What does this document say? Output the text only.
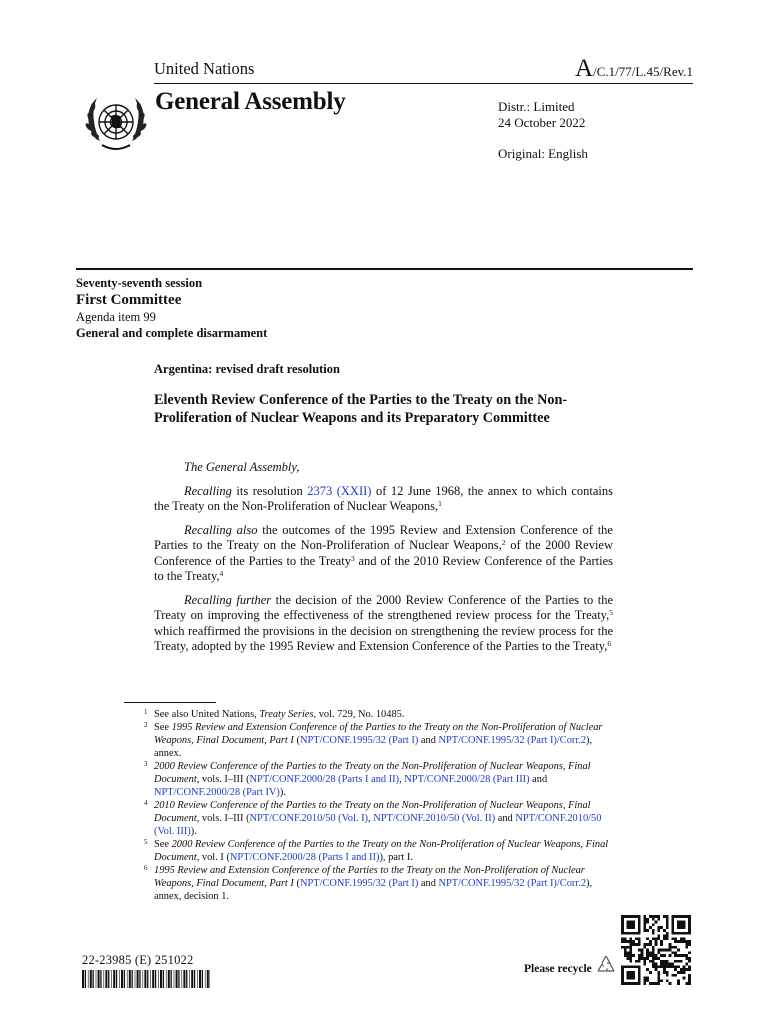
United Nations	A/C.1/77/L.45/Rev.1
General Assembly	Distr.: Limited
24 October 2022
Original: English
Seventy-seventh session
First Committee
Agenda item 99
General and complete disarmament
Argentina: revised draft resolution
Eleventh Review Conference of the Parties to the Treaty on the Non-Proliferation of Nuclear Weapons and its Preparatory Committee

The General Assembly,

Recalling its resolution 2373 (XXII) of 12 June 1968, the annex to which contains the Treaty on the Non-Proliferation of Nuclear Weapons,$^1$

Recalling also the outcomes of the 1995 Review and Extension Conference of the Parties to the Treaty on the Non-Proliferation of Nuclear Weapons,$^2$ of the 2000 Review Conference of the Parties to the Treaty$^3$ and of the 2010 Review Conference of the Parties to the Treaty,$^4$

Recalling further the decision of the 2000 Review Conference of the Parties to the Treaty on improving the effectiveness of the strengthened review process for the Treaty,$^5$ which reaffirmed the provisions in the decision on strengthening the review process for the Treaty, adopted by the 1995 Review and Extension Conference of the Parties to the Treaty,$^6$

1 See also United Nations, Treaty Series, vol. 729, No. 10485.
2 See 1995 Review and Extension Conference of the Parties to the Treaty on the Non-Proliferation of Nuclear Weapons, Final Document, Part I (NPT/CONF.1995/32 (Part I) and NPT/CONF.1995/32 (Part I)/Corr.2), annex.
3 2000 Review Conference of the Parties to the Treaty on the Non-Proliferation of Nuclear Weapons, Final Document, vols. I–III (NPT/CONF.2000/28 (Parts I and II), NPT/CONF.2000/28 (Part III) and NPT/CONF.2000/28 (Part IV)).
4 2010 Review Conference of the Parties to the Treaty on the Non-Proliferation of Nuclear Weapons, Final Document, vols. I–III (NPT/CONF.2010/50 (Vol. I), NPT/CONF.2010/50 (Vol. II) and NPT/CONF.2010/50 (Vol. III)).
5 See 2000 Review Conference of the Parties to the Treaty on the Non-Proliferation of Nuclear Weapons, Final Document, vol. I (NPT/CONF.2000/28 (Parts I and II)), part I.
6 1995 Review and Extension Conference of the Parties to the Treaty on the Non-Proliferation of Nuclear Weapons, Final Document, Part I (NPT/CONF.1995/32 (Part I) and NPT/CONF.1995/32 (Part I)/Corr.2), annex, decision 1.
22-23985 (E) 251022
Please recycle
